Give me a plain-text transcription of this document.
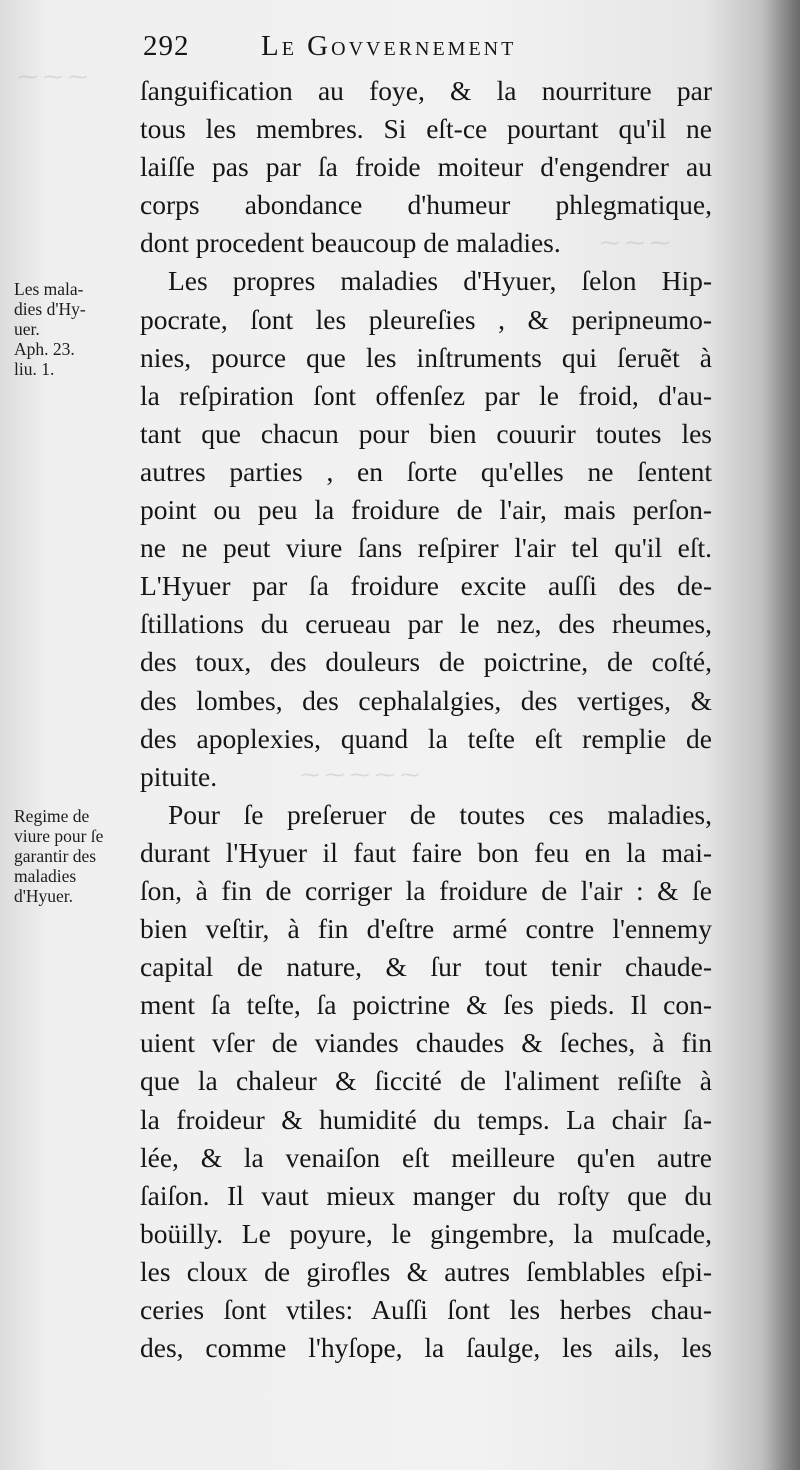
⁓ ⁓ ⁓
⁓ ⁓ ⁓
⁓ ⁓ ⁓ ⁓ ⁓
292 Le Govvernement
Les mala-
dies d'Hy-
uer.
Aph. 23.
liu. 1.
Regime de
viure pour ſe
garantir des
maladies
d'Hyuer.
ſanguification au foye, & la nourriture par
tous les membres. Si eſt-ce pourtant qu'il ne
laiſſe pas par ſa froide moiteur d'engendrer au
corps abondance d'humeur phlegmatique,
dont procedent beaucoup de maladies.
Les propres maladies d'Hyuer, ſelon Hip-
pocrate, ſont les pleureſies , & peripneumo-
nies, pource que les inſtruments qui ſeruẽt à
la reſpiration ſont offenſez par le froid, d'au-
tant que chacun pour bien couurir toutes les
autres parties , en ſorte qu'elles ne ſentent
point ou peu la froidure de l'air, mais perſon-
ne ne peut viure ſans reſpirer l'air tel qu'il eſt.
L'Hyuer par ſa froidure excite auſſi des de-
ſtillations du cerueau par le nez, des rheumes,
des toux, des douleurs de poictrine, de coſté,
des lombes, des cephalalgies, des vertiges, &
des apoplexies, quand la teſte eſt remplie de
pituite.
Pour ſe preſeruer de toutes ces maladies,
durant l'Hyuer il faut faire bon feu en la mai-
ſon, à fin de corriger la froidure de l'air : & ſe
bien veſtir, à fin d'eſtre armé contre l'ennemy
capital de nature, & ſur tout tenir chaude-
ment ſa teſte, ſa poictrine & ſes pieds. Il con-
uient vſer de viandes chaudes & ſeches, à fin
que la chaleur & ſiccité de l'aliment reſiſte à
la froideur & humidité du temps. La chair ſa-
lée, & la venaiſon eſt meilleure qu'en autre
ſaiſon. Il vaut mieux manger du roſty que du
boüilly. Le poyure, le gingembre, la muſcade,
les cloux de girofles & autres ſemblables eſpi-
ceries ſont vtiles: Auſſi ſont les herbes chau-
des, comme l'hyſope, la ſaulge, les ails, les
